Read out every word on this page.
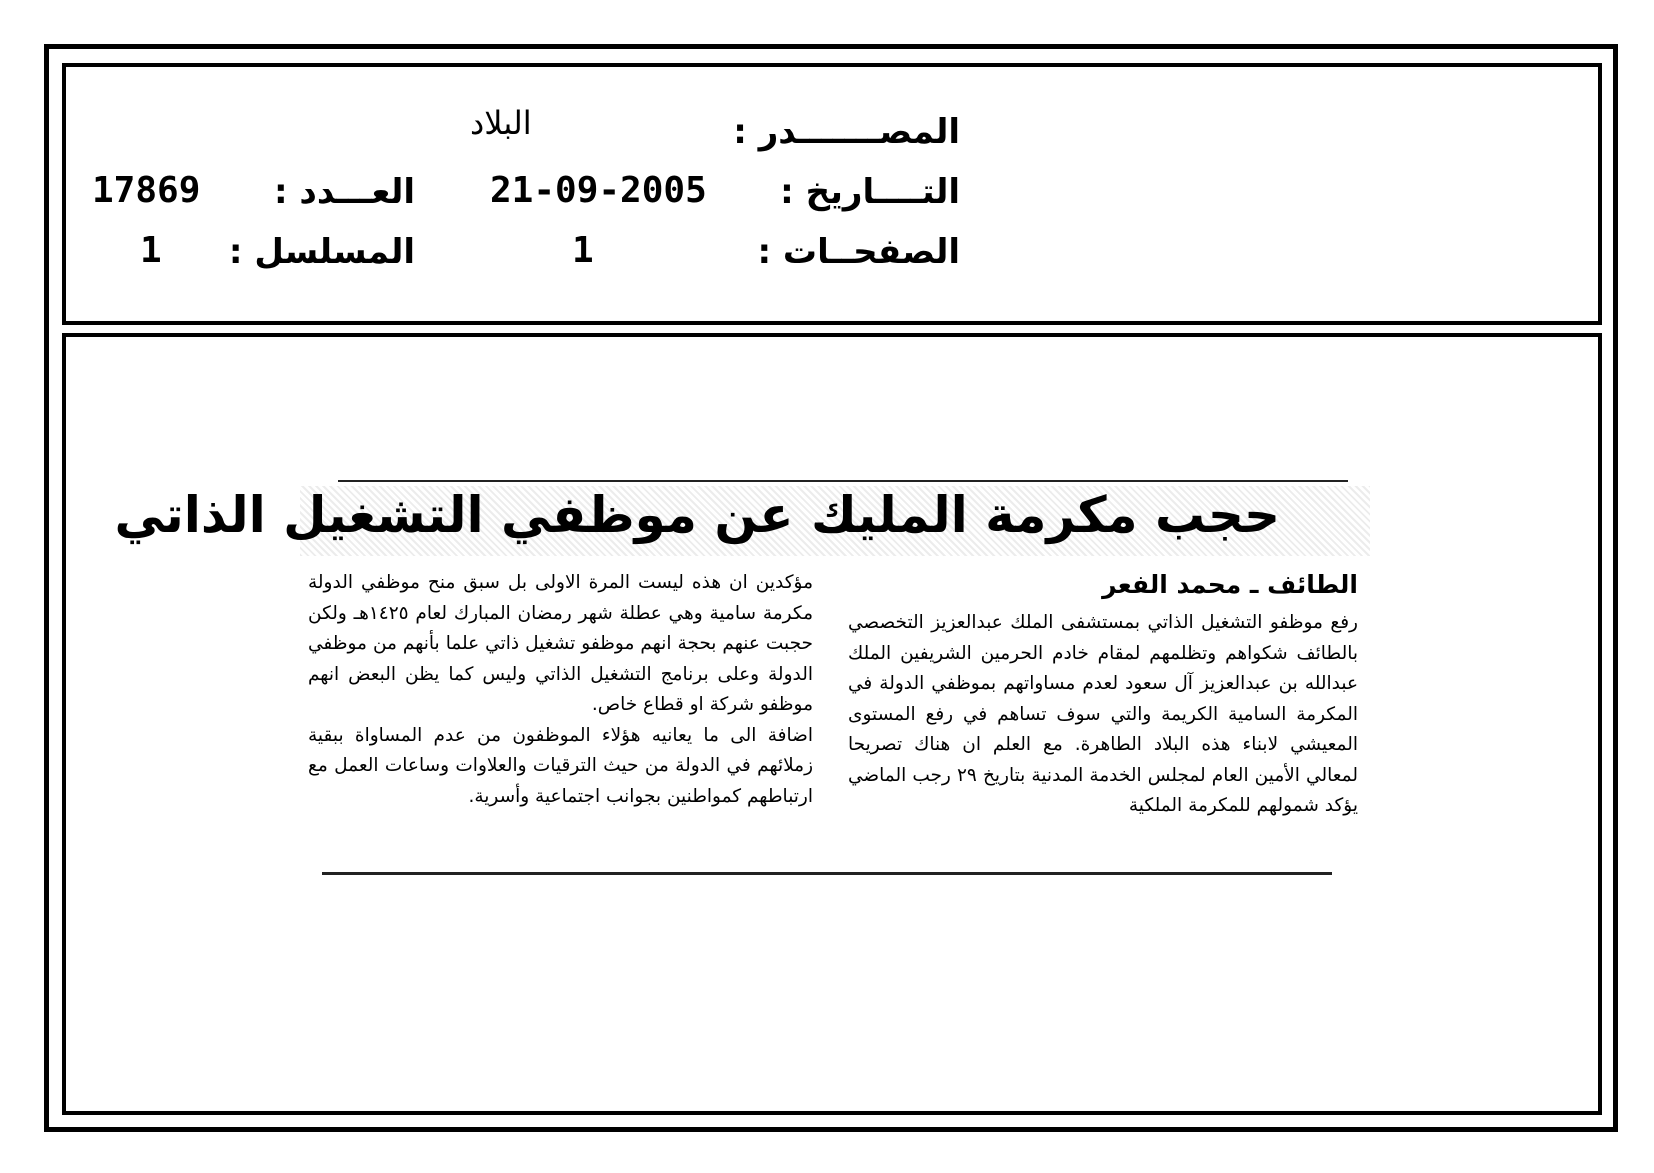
المصـــــــدر :
البلاد
التــــاريخ :
21-09-2005
الصفحــات :
1
العـــدد :
17869
المسلسل :
1
حجب مكرمة المليك عن موظفي التشغيل الذاتي
الطائف ـ محمد الفعر

رفع موظفو التشغيل الذاتي بمستشفى الملك عبدالعزيز التخصصي بالطائف شكواهم وتظلمهم لمقام خادم الحرمين الشريفين الملك عبدالله بن عبدالعزيز آل سعود لعدم مساواتهم بموظفي الدولة في المكرمة السامية الكريمة والتي سوف تساهم في رفع المستوى المعيشي لابناء هذه البلاد الطاهرة. مع العلم ان هناك تصريحا لمعالي الأمين العام لمجلس الخدمة المدنية بتاريخ ٢٩ رجب الماضي يؤكد شمولهم للمكرمة الملكية

مؤكدين ان هذه ليست المرة الاولى بل سبق منح موظفي الدولة مكرمة سامية وهي عطلة شهر رمضان المبارك لعام ١٤٢٥هـ ولكن حجبت عنهم بحجة انهم موظفو تشغيل ذاتي علما بأنهم من موظفي الدولة وعلى برنامج التشغيل الذاتي وليس كما يظن البعض انهم موظفو شركة او قطاع خاص.

اضافة الى ما يعانيه هؤلاء الموظفون من عدم المساواة ببقية زملائهم في الدولة من حيث الترقيات والعلاوات وساعات العمل مع ارتباطهم كمواطنين بجوانب اجتماعية وأسرية.
